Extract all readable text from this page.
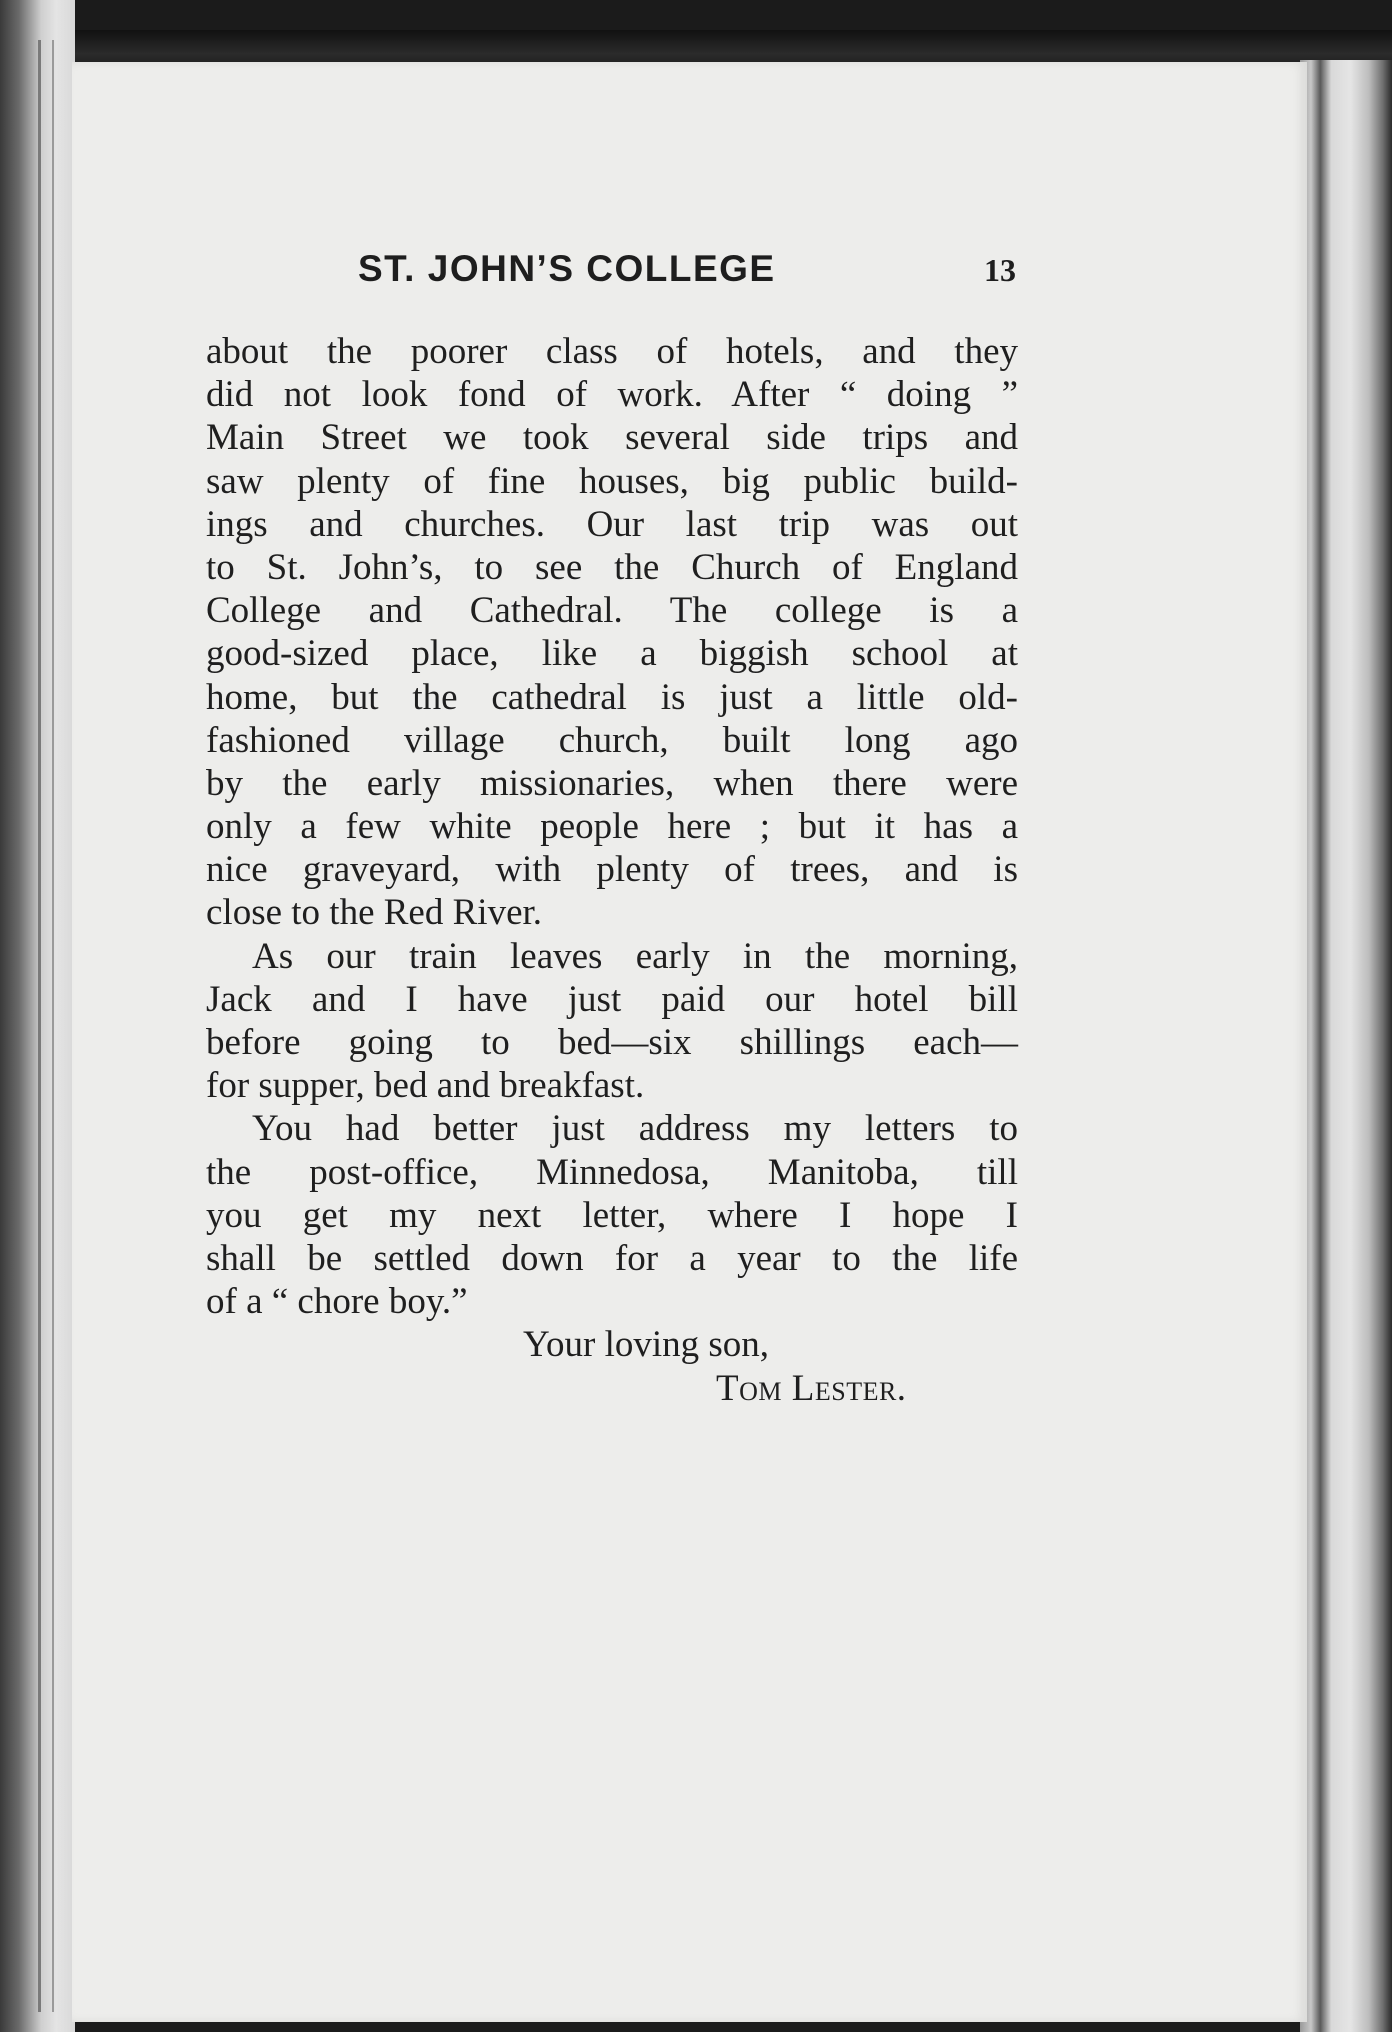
ST. JOHN’S COLLEGE	13
about the poorer class of hotels, and they
did not look fond of work. After “ doing ”
Main Street we took several side trips and
saw plenty of fine houses, big public build-
ings and churches. Our last trip was out
to St. John’s, to see the Church of England
College and Cathedral. The college is a
good-sized place, like a biggish school at
home, but the cathedral is just a little old-
fashioned village church, built long ago
by the early missionaries, when there were
only a few white people here ; but it has a
nice graveyard, with plenty of trees, and is
close to the Red River.
As our train leaves early in the morning,
Jack and I have just paid our hotel bill
before going to bed—six shillings each—
for supper, bed and breakfast.
You had better just address my letters to
the post-office, Minnedosa, Manitoba, till
you get my next letter, where I hope I
shall be settled down for a year to the life
of a “ chore boy.”
Your loving son,
Tom Lester.
